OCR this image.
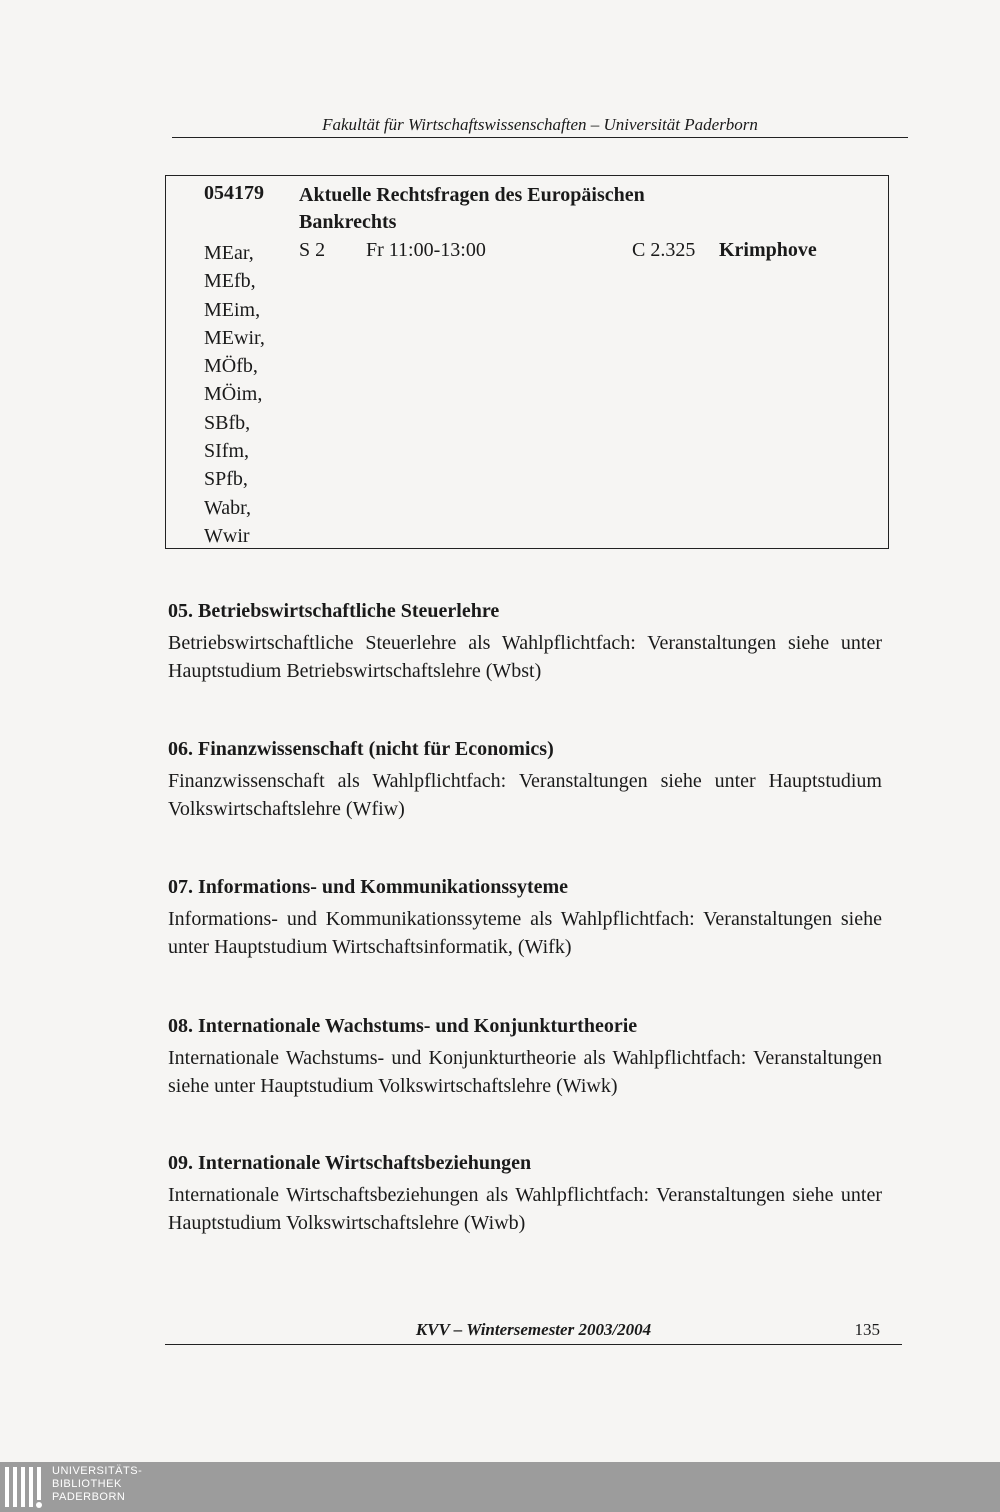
Fakultät für Wirtschaftswissenschaften – Universität Paderborn
054179 Aktuelle Rechtsfragen des Europäischen Bankrechts
MEar,
MEfb,
MEim,
MEwir,
MÖfb,
MÖim,
SBfb,
SIfm,
SPfb,
Wabr,
Wwir
S 2 Fr 11:00-13:00	C 2.325 Krimphove
05. Betriebswirtschaftliche Steuerlehre

Betriebswirtschaftliche Steuerlehre als Wahlpflichtfach: Veranstaltungen siehe unter Hauptstudium Betriebswirtschaftslehre (Wbst)

06. Finanzwissenschaft (nicht für Economics)

Finanzwissenschaft als Wahlpflichtfach: Veranstaltungen siehe unter Hauptstudium Volkswirtschaftslehre (Wfiw)

07. Informations- und Kommunikationssyteme

Informations- und Kommunikationssyteme als Wahlpflichtfach: Veranstaltungen siehe unter Hauptstudium Wirtschaftsinformatik, (Wifk)

08. Internationale Wachstums- und Konjunkturtheorie

Internationale Wachstums- und Konjunkturtheorie als Wahlpflichtfach: Veranstaltungen siehe unter Hauptstudium Volkswirtschaftslehre (Wiwk)

09. Internationale Wirtschaftsbeziehungen

Internationale Wirtschaftsbeziehungen als Wahlpflichtfach: Veranstaltungen siehe unter Hauptstudium Volkswirtschaftslehre (Wiwb)

KVV – Wintersemester 2003/2004	135
UNIVERSITÄTS-
BIBLIOTHEK
PADERBORN
